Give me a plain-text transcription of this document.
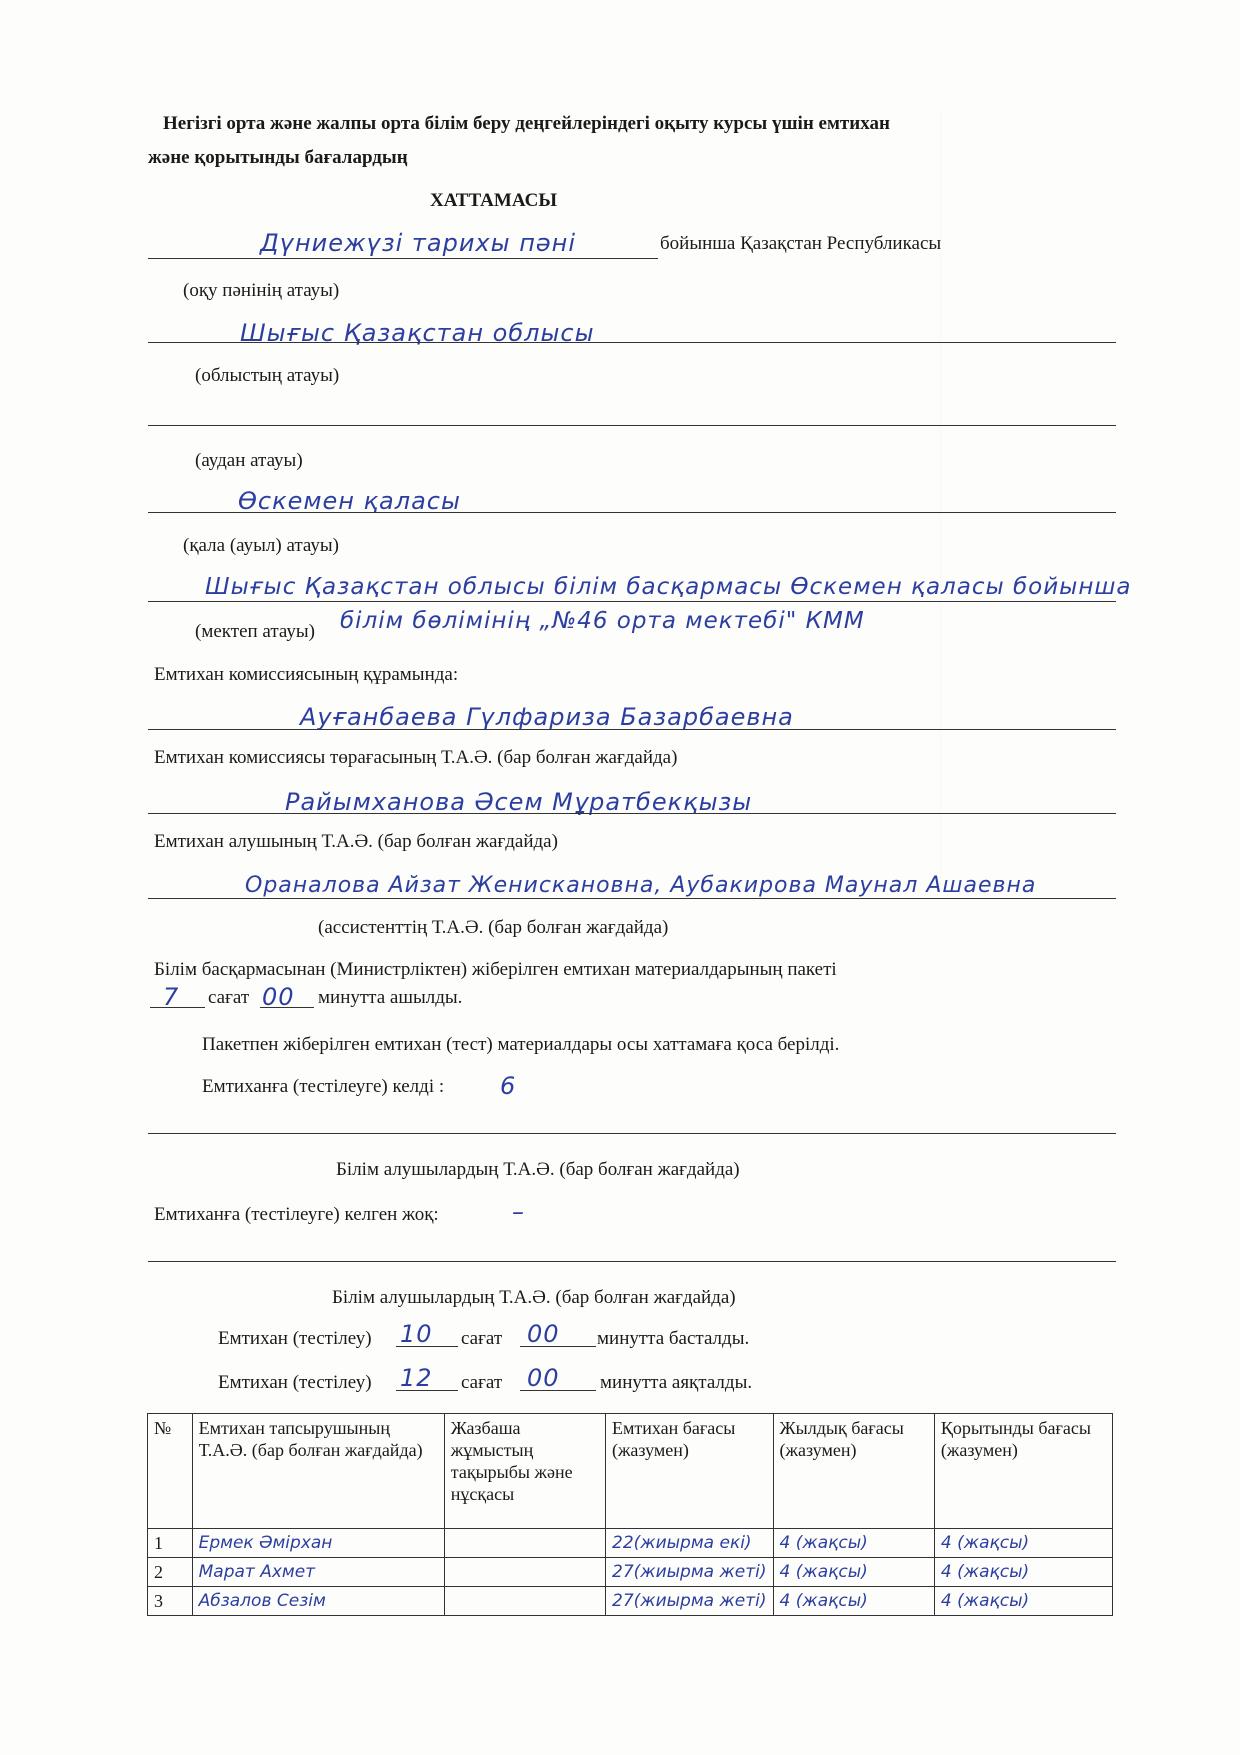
Негізгі орта және жалпы орта білім беру деңгейлеріндегі оқыту курсы үшін емтихан
және қорытынды бағалардың
ХАТТАМАСЫ
Дүниежүзі тарихы пәні	бойынша Қазақстан Республикасы
(оқу пәнінің атауы)
Шығыс Қазақстан облысы
(облыстың атауы)
(аудан атауы)
Өскемен қаласы
(қала (ауыл) атауы)
Шығыс Қазақстан облысы білім басқармасы Өскемен қаласы бойынша
білім бөлімінің „№46 орта мектебі" КММ
(мектеп атауы)
Емтихан комиссиясының құрамында:
Ауғанбаева Гүлфариза Базарбаевна
Емтихан комиссиясы төрағасының Т.А.Ә. (бар болған жағдайда)
Райымханова Әсем Мұратбекқызы
Емтихан алушының Т.А.Ә. (бар болған жағдайда)
Ораналова Айзат Женискановна, Аубакирова Маунал Ашаевна
(ассистенттің Т.А.Ә. (бар болған жағдайда)
Білім басқармасынан (Министрліктен) жіберілген емтихан материалдарының пакеті
7 сағат 00 минутта ашылды.
Пакетпен жіберілген емтихан (тест) материалдары осы хаттамаға қоса берілді.
Емтиханға (тестілеуге) келді : 6
Білім алушылардың Т.А.Ә. (бар болған жағдайда)
Емтиханға (тестілеуге) келген жоқ:	–
Білім алушылардың Т.А.Ә. (бар болған жағдайда)
Емтихан (тестілеу) 10 сағат 00 минутта басталды.
Емтихан (тестілеу) 12 сағат 00 минутта аяқталды.
№	Емтихан тапсырушының Т.А.Ә. (бар болған жағдайда)	Жазбаша жұмыстың тақырыбы және нұсқасы	Емтихан бағасы (жазумен)	Жылдық бағасы (жазумен)	Қорытынды бағасы (жазумен)
1	Ермек Әмірхан		22(жиырма екі)	4 (жақсы)	4 (жақсы)
2	Марат Ахмет		27(жиырма жеті)	4 (жақсы)	4 (жақсы)
3	Абзалов Сезім		27(жиырма жеті)	4 (жақсы)	4 (жақсы)
